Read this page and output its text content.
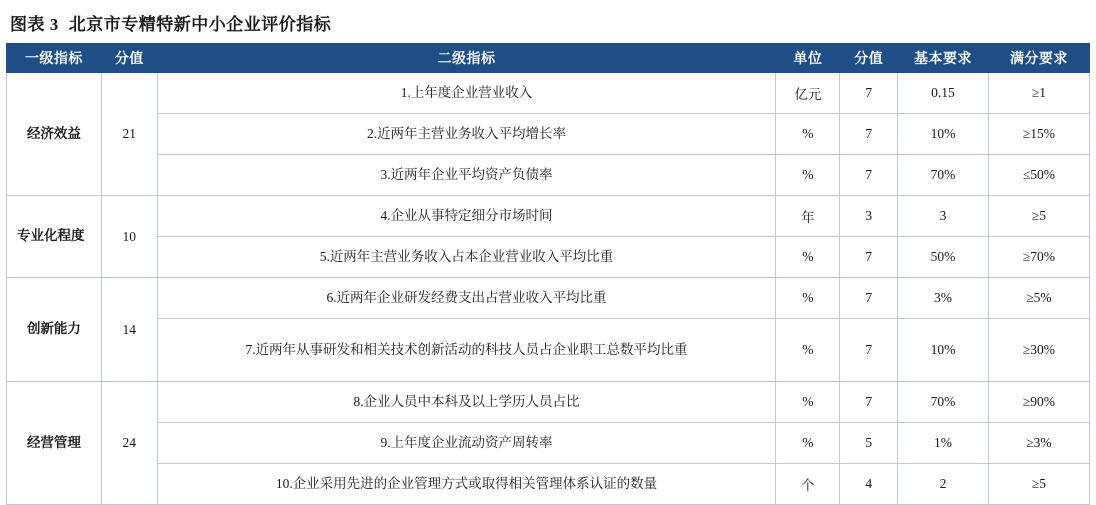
图表 3 北京市专精特新中小企业评价指标
一级指标	分值	二级指标	单位	分值	基本要求	满分要求
经济效益	21	1.上年度企业营业收入	亿元	7	0.15	≥1
		2.近两年主营业务收入平均增长率	%	7	10%	≥15%
		3.近两年企业平均资产负债率	%	7	70%	≤50%
专业化程度	10	4.企业从事特定细分市场时间	年	3	3	≥5
		5.近两年主营业务收入占本企业营业收入平均比重	%	7	50%	≥70%
创新能力	14	6.近两年企业研发经费支出占营业收入平均比重	%	7	3%	≥5%
		7.近两年从事研发和相关技术创新活动的科技人员占企业职工总数平均比重	%	7	10%	≥30%
经营管理	24	8.企业人员中本科及以上学历人员占比	%	7	70%	≥90%
		9.上年度企业流动资产周转率	%	5	1%	≥3%
		10.企业采用先进的企业管理方式或取得相关管理体系认证的数量	个	4	2	≥5
